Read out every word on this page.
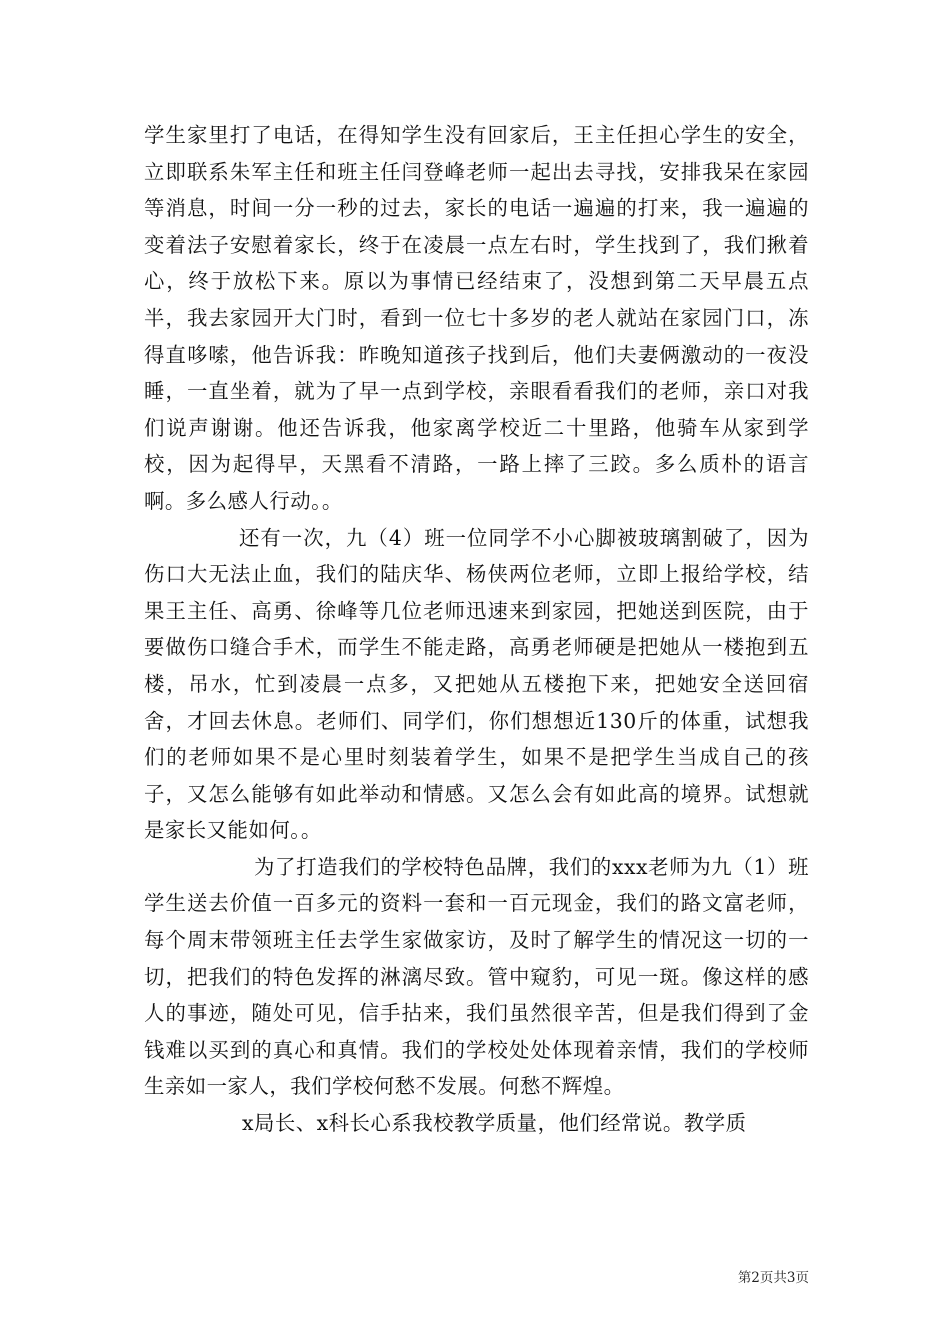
学生家里打了电话，在得知学生没有回家后，王主任担心学生的安全，立即联系朱军主任和班主任闫登峰老师一起出去寻找，安排我呆在家园等消息，时间一分一秒的过去，家长的电话一遍遍的打来，我一遍遍的变着法子安慰着家长，终于在凌晨一点左右时，学生找到了，我们揪着心，终于放松下来。原以为事情已经结束了，没想到第二天早晨五点半，我去家园开大门时，看到一位七十多岁的老人就站在家园门口，冻得直哆嗦，他告诉我：昨晚知道孩子找到后，他们夫妻俩激动的一夜没睡，一直坐着，就为了早一点到学校，亲眼看看我们的老师，亲口对我们说声谢谢。他还告诉我，他家离学校近二十里路，他骑车从家到学校，因为起得早，天黑看不清路，一路上摔了三跤。多么质朴的语言啊。多么感人行动。。

还有一次，九（4）班一位同学不小心脚被玻璃割破了，因为伤口大无法止血，我们的陆庆华、杨侠两位老师，立即上报给学校，结果王主任、高勇、徐峰等几位老师迅速来到家园，把她送到医院，由于要做伤口缝合手术，而学生不能走路，高勇老师硬是把她从一楼抱到五楼，吊水，忙到凌晨一点多，又把她从五楼抱下来，把她安全送回宿舍，才回去休息。老师们、同学们，你们想想近130斤的体重，试想我们的老师如果不是心里时刻装着学生，如果不是把学生当成自己的孩子，又怎么能够有如此举动和情感。又怎么会有如此高的境界。试想就是家长又能如何。。

为了打造我们的学校特色品牌，我们的xxx老师为九（1）班学生送去价值一百多元的资料一套和一百元现金，我们的路文富老师，每个周末带领班主任去学生家做家访，及时了解学生的情况这一切的一切，把我们的特色发挥的淋漓尽致。管中窥豹，可见一斑。像这样的感人的事迹，随处可见，信手拈来，我们虽然很辛苦，但是我们得到了金钱难以买到的真心和真情。我们的学校处处体现着亲情，我们的学校师生亲如一家人，我们学校何愁不发展。何愁不辉煌。

x局长、x科长心系我校教学质量，他们经常说。教学质

第2页共3页
